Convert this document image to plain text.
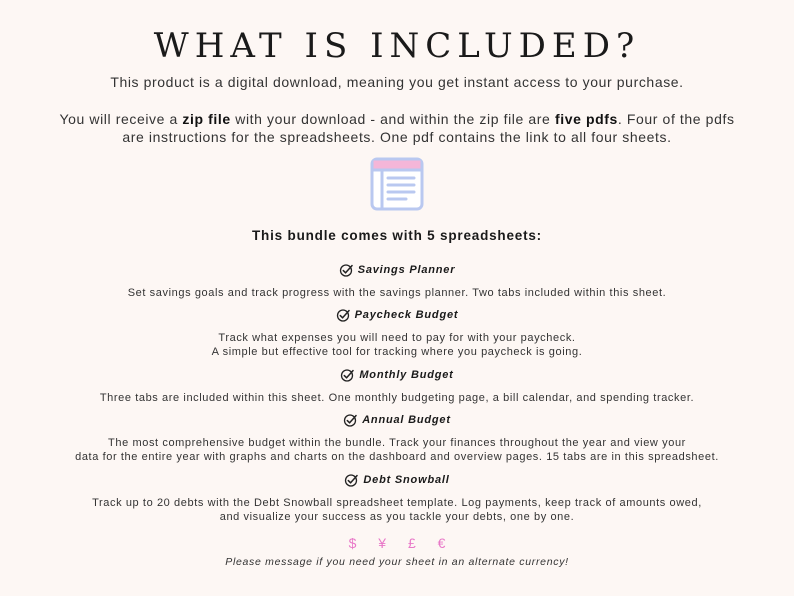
WHAT IS INCLUDED?

This product is a digital download, meaning you get instant access to your purchase.

You will receive a zip file with your download - and within the zip file are five pdfs. Four of the pdfs
are instructions for the spreadsheets. One pdf contains the link to all four sheets.

This bundle comes with 5 spreadsheets:

Savings Planner

Set savings goals and track progress with the savings planner. Two tabs included within this sheet.

Paycheck Budget

Track what expenses you will need to pay for with your paycheck.
A simple but effective tool for tracking where you paycheck is going.

Monthly Budget

Three tabs are included within this sheet. One monthly budgeting page, a bill calendar, and spending tracker.

Annual Budget

The most comprehensive budget within the bundle. Track your finances throughout the year and view your
data for the entire year with graphs and charts on the dashboard and overview pages. 15 tabs are in this spreadsheet.

Debt Snowball

Track up to 20 debts with the Debt Snowball spreadsheet template. Log payments, keep track of amounts owed,
and visualize your success as you tackle your debts, one by one.

$ ¥ £ €

Please message if you need your sheet in an alternate currency!
